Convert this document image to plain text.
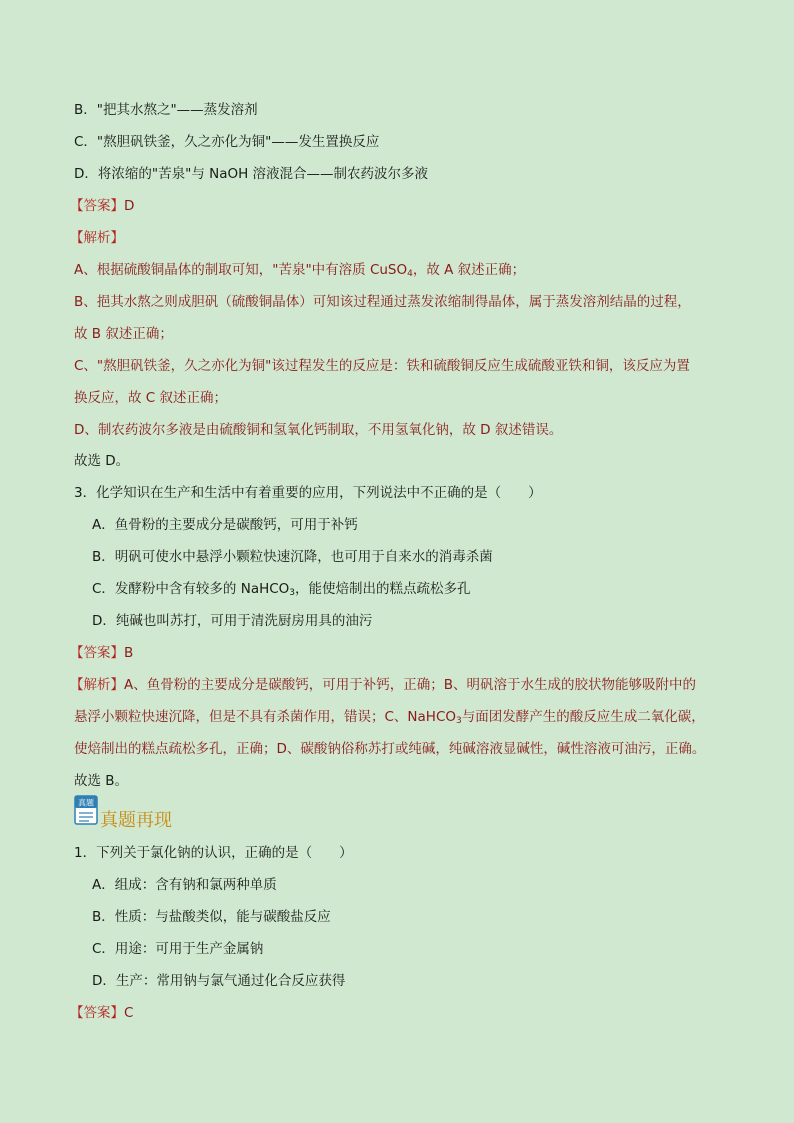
B．"把其水熬之"——蒸发溶剂
C．"熬胆矾铁釜，久之亦化为铜"——发生置换反应
D．将浓缩的"苦泉"与 NaOH 溶液混合——制农药波尔多液
【答案】D
【解析】
A、根据硫酸铜晶体的制取可知，"苦泉"中有溶质 CuSO$_4$，故 A 叙述正确；
B、挹其水熬之则成胆矾（硫酸铜晶体）可知该过程通过蒸发浓缩制得晶体，属于蒸发溶剂结晶的过程，
故 B 叙述正确；
C、"熬胆矾铁釜，久之亦化为铜"该过程发生的反应是：铁和硫酸铜反应生成硫酸亚铁和铜，该反应为置
换反应，故 C 叙述正确；
D、制农药波尔多液是由硫酸铜和氢氧化钙制取，不用氢氧化钠，故 D 叙述错误。
故选 D。
3．化学知识在生产和生活中有着重要的应用，下列说法中不正确的是（　　）
A．鱼骨粉的主要成分是碳酸钙，可用于补钙
B．明矾可使水中悬浮小颗粒快速沉降，也可用于自来水的消毒杀菌
C．发酵粉中含有较多的 NaHCO$_3$，能使焙制出的糕点疏松多孔
D．纯碱也叫苏打，可用于清洗厨房用具的油污
【答案】B
【解析】A、鱼骨粉的主要成分是碳酸钙，可用于补钙，正确；B、明矾溶于水生成的胶状物能够吸附中的
悬浮小颗粒快速沉降，但是不具有杀菌作用，错误；C、NaHCO$_3$与面团发酵产生的酸反应生成二氧化碳，
使焙制出的糕点疏松多孔，正确；D、碳酸钠俗称苏打或纯碱，纯碱溶液显碱性，碱性溶液可油污，正确。
故选 B。
真题
真题再现
1．下列关于氯化钠的认识，正确的是（　　）
A．组成：含有钠和氯两种单质
B．性质：与盐酸类似，能与碳酸盐反应
C．用途：可用于生产金属钠
D．生产：常用钠与氯气通过化合反应获得
【答案】C
